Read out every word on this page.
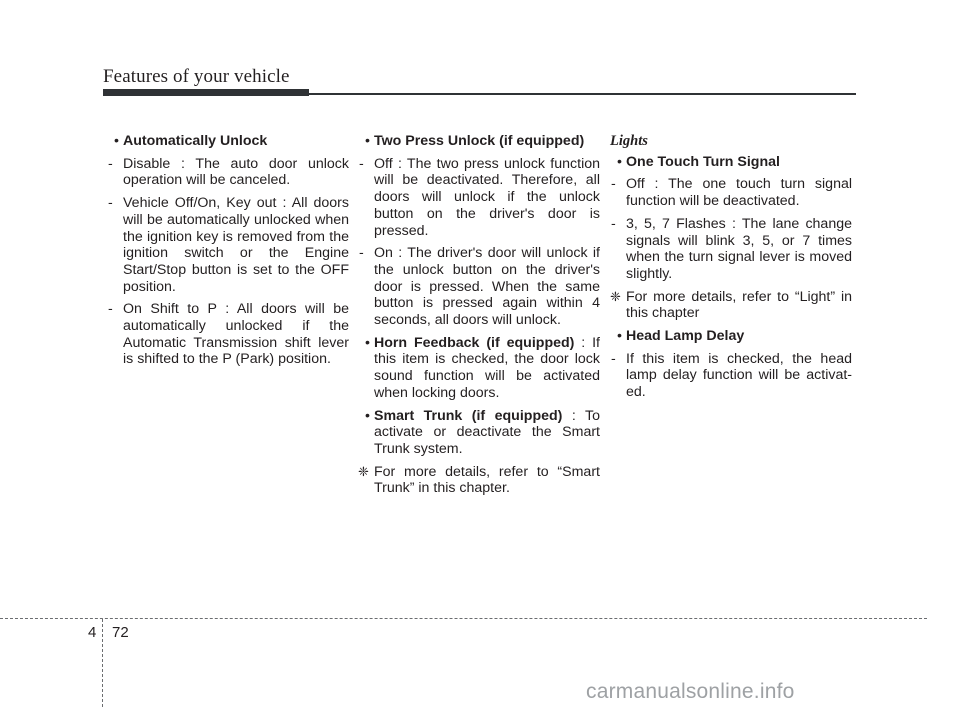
Features of your vehicle
• Automatically Unlock
- Disable : The auto door unlock operation will be canceled.
- Vehicle Off/On, Key out : All doors will be automatically unlocked when the ignition key is removed from the ignition switch or the Engine Start/Stop button is set to the OFF position.
- On Shift to P : All doors will be automatically unlocked if the Automatic Transmission shift lever is shifted to the P (Park) position.
• Two Press Unlock (if equipped)
- Off : The two press unlock function will be deactivated. Therefore, all doors will unlock if the unlock button on the driver's door is pressed.
- On : The driver's door will unlock if the unlock button on the driver's door is pressed. When the same button is pressed again within 4 seconds, all doors will unlock.
• Horn Feedback (if equipped) : If this item is checked, the door lock sound function will be activated when locking doors.
• Smart Trunk (if equipped) : To activate or deactivate the Smart Trunk system.
❈ For more details, refer to “Smart Trunk” in this chapter.
Lights
• One Touch Turn Signal
- Off : The one touch turn signal function will be deactivated.
- 3, 5, 7 Flashes : The lane change signals will blink 3, 5, or 7 times when the turn signal lever is moved slightly.
❈ For more details, refer to “Light” in this chapter
• Head Lamp Delay
- If this item is checked, the head lamp delay function will be activat-ed.
4 72
carmanualsonline.info
